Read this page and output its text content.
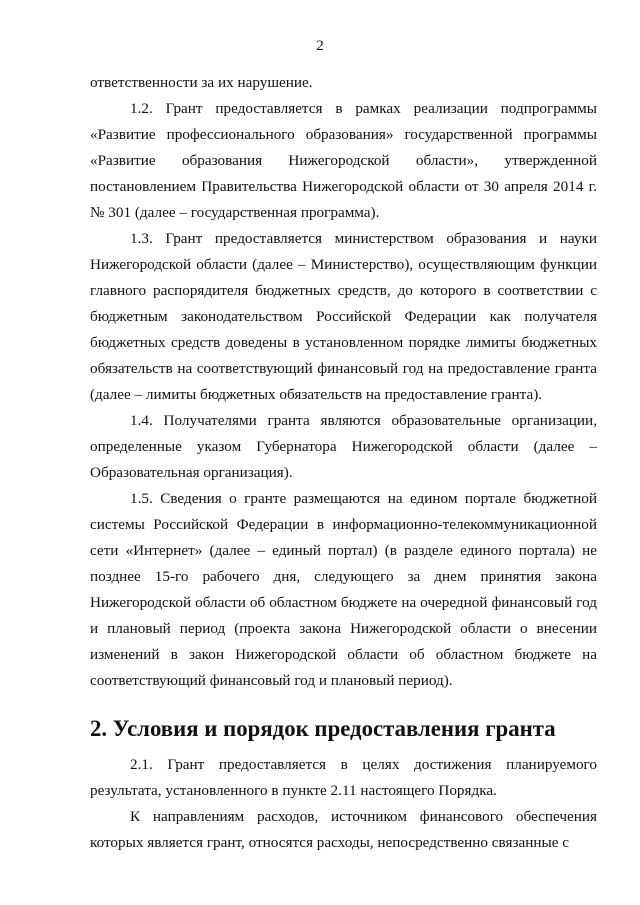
2

ответственности за их нарушение.

1.2. Грант предоставляется в рамках реализации подпрограммы «Развитие профессионального образования» государственной программы «Развитие образования Нижегородской области», утвержденной постановлением Правительства Нижегородской области от 30 апреля 2014 г. № 301 (далее – государственная программа).

1.3. Грант предоставляется министерством образования и науки Нижегородской области (далее – Министерство), осуществляющим функции главного распорядителя бюджетных средств, до которого в соответствии с бюджетным законодательством Российской Федерации как получателя бюджетных средств доведены в установленном порядке лимиты бюджетных обязательств на соответствующий финансовый год на предоставление гранта (далее – лимиты бюджетных обязательств на предоставление гранта).

1.4. Получателями гранта являются образовательные организации, определенные указом Губернатора Нижегородской области (далее – Образовательная организация).

1.5. Сведения о гранте размещаются на едином портале бюджетной системы Российской Федерации в информационно-телекоммуникационной сети «Интернет» (далее – единый портал) (в разделе единого портала) не позднее 15-го рабочего дня, следующего за днем принятия закона Нижегородской области об областном бюджете на очередной финансовый год и плановый период (проекта закона Нижегородской области о внесении изменений в закон Нижегородской области об областном бюджете на соответствующий финансовый год и плановый период).

2. Условия и порядок предоставления гранта

2.1. Грант предоставляется в целях достижения планируемого результата, установленного в пункте 2.11 настоящего Порядка.

К направлениям расходов, источником финансового обеспечения которых является грант, относятся расходы, непосредственно связанные с
